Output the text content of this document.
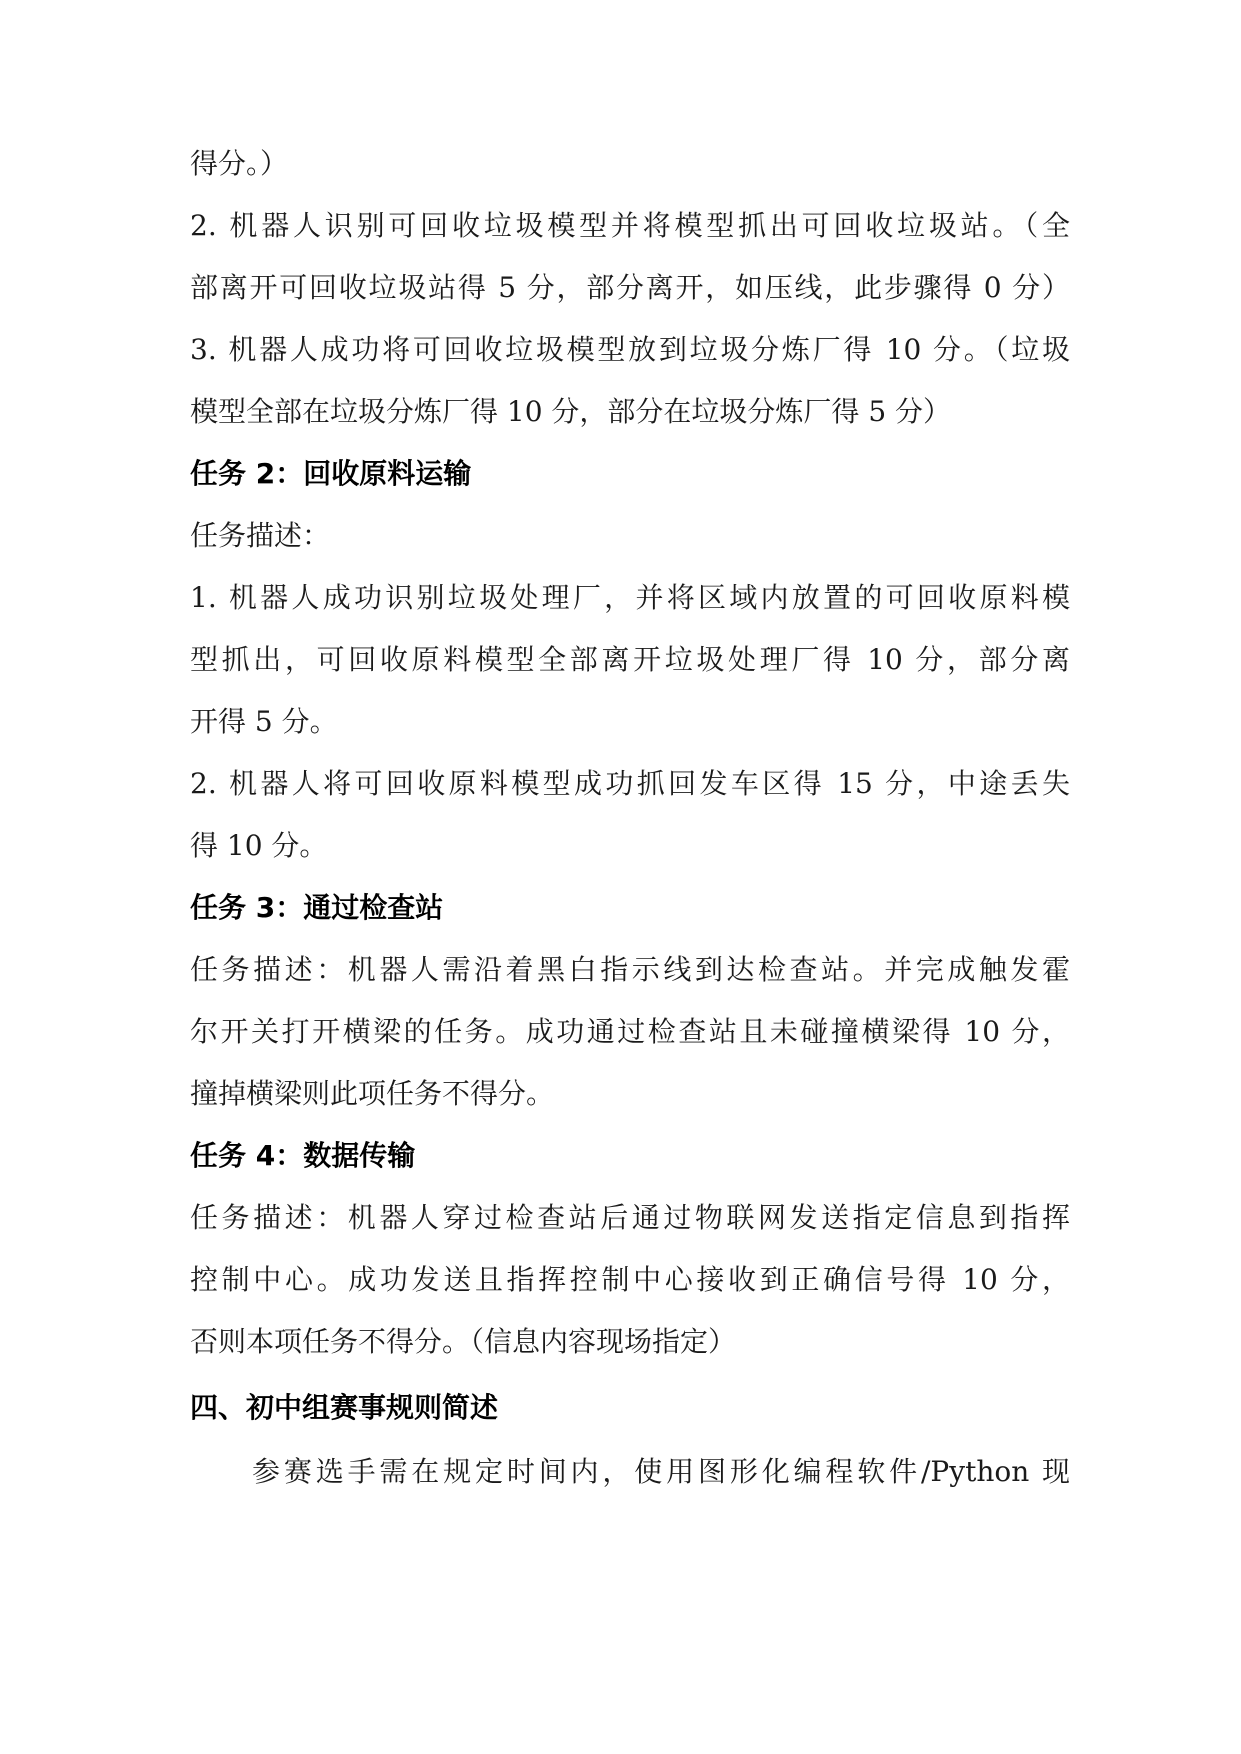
得分。）

2. 机器人识别可回收垃圾模型并将模型抓出可回收垃圾站。（全

部离开可回收垃圾站得 5 分，部分离开，如压线，此步骤得 0 分）

3. 机器人成功将可回收垃圾模型放到垃圾分炼厂得 10 分。（垃圾

模型全部在垃圾分炼厂得 10 分，部分在垃圾分炼厂得 5 分）

任务 2：回收原料运输

任务描述：

1. 机器人成功识别垃圾处理厂，并将区域内放置的可回收原料模

型抓出，可回收原料模型全部离开垃圾处理厂得 10 分，部分离

开得 5 分。

2. 机器人将可回收原料模型成功抓回发车区得 15 分，中途丢失

得 10 分。

任务 3：通过检查站

任务描述：机器人需沿着黑白指示线到达检查站。并完成触发霍

尔开关打开横梁的任务。成功通过检查站且未碰撞横梁得 10 分，

撞掉横梁则此项任务不得分。

任务 4：数据传输

任务描述：机器人穿过检查站后通过物联网发送指定信息到指挥

控制中心。成功发送且指挥控制中心接收到正确信号得 10 分，

否则本项任务不得分。（信息内容现场指定）

四、初中组赛事规则简述

参赛选手需在规定时间内，使用图形化编程软件/Python 现
